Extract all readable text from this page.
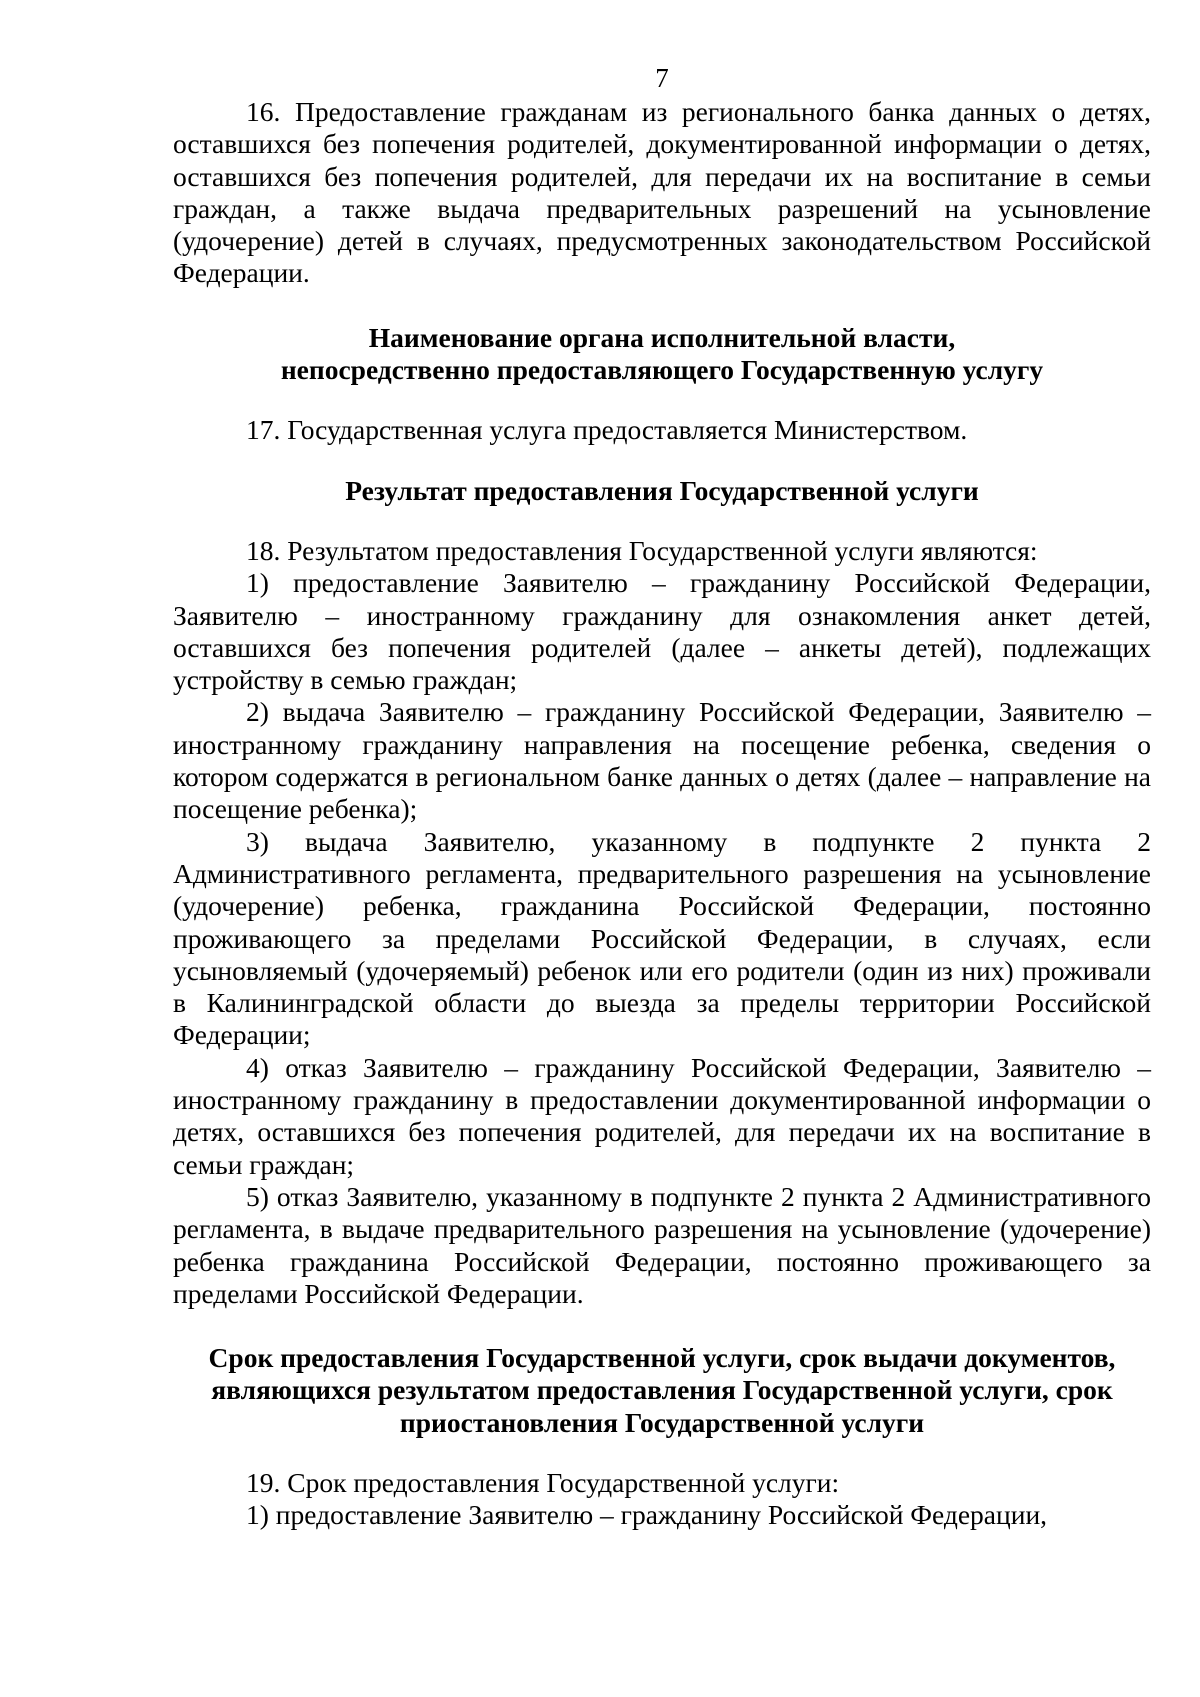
7

16. Предоставление гражданам из регионального банка данных о детях, оставшихся без попечения родителей, документированной информации о детях, оставшихся без попечения родителей, для передачи их на воспитание в семьи граждан, а также выдача предварительных разрешений на усыновление (удочерение) детей в случаях, предусмотренных законодательством Российской Федерации.

Наименование органа исполнительной власти,
непосредственно предоставляющего Государственную услугу

17. Государственная услуга предоставляется Министерством.

Результат предоставления Государственной услуги

18. Результатом предоставления Государственной услуги являются:

1) предоставление Заявителю – гражданину Российской Федерации, Заявителю – иностранному гражданину для ознакомления анкет детей, оставшихся без попечения родителей (далее – анкеты детей), подлежащих устройству в семью граждан;

2) выдача Заявителю – гражданину Российской Федерации, Заявителю – иностранному гражданину направления на посещение ребенка, сведения о котором содержатся в региональном банке данных о детях (далее – направление на посещение ребенка);

3) выдача Заявителю, указанному в подпункте 2 пункта 2 Административного регламента, предварительного разрешения на усыновление (удочерение) ребенка, гражданина Российской Федерации, постоянно проживающего за пределами Российской Федерации, в случаях, если усыновляемый (удочеряемый) ребенок или его родители (один из них) проживали в Калининградской области до выезда за пределы территории Российской Федерации;

4) отказ Заявителю – гражданину Российской Федерации, Заявителю – иностранному гражданину в предоставлении документированной информации о детях, оставшихся без попечения родителей, для передачи их на воспитание в семьи граждан;

5) отказ Заявителю, указанному в подпункте 2 пункта 2 Административного регламента, в выдаче предварительного разрешения на усыновление (удочерение) ребенка гражданина Российской Федерации, постоянно проживающего за пределами Российской Федерации.

Срок предоставления Государственной услуги, срок выдачи документов,
являющихся результатом предоставления Государственной услуги, срок
приостановления Государственной услуги

19. Срок предоставления Государственной услуги:

1) предоставление Заявителю – гражданину Российской Федерации,
